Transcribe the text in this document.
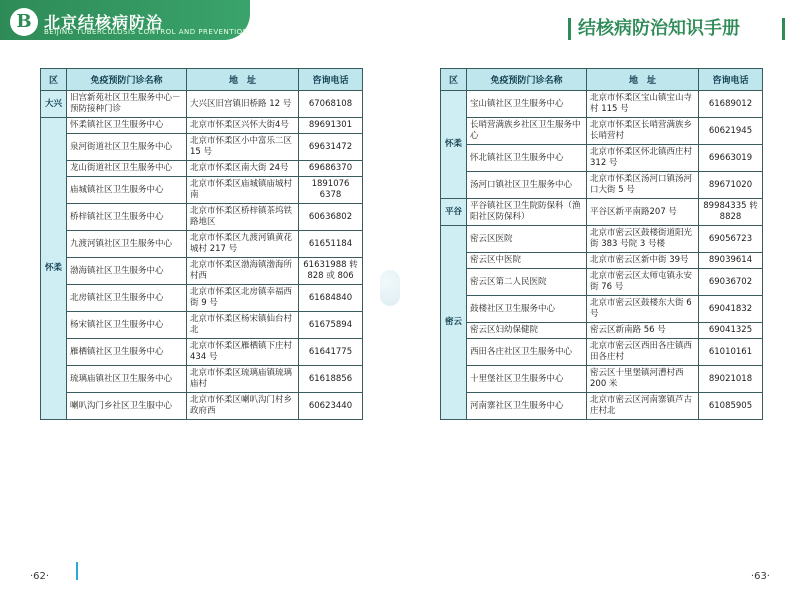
B 北京结核病防治
BEIJING TUBERCULOSIS CONTROL AND PREVENTION
区	免疫预防门诊名称	地　址	咨询电话
大兴	旧宫新苑社区卫生服务中心－预防接种门诊	大兴区旧宫镇旧桥路 12 号	67068108
怀柔	怀柔镇社区卫生服务中心	北京市怀柔区兴怀大街4号	89691301
	泉河街道社区卫生服务中心	北京市怀柔区小中富乐二区 15 号	69631472
	龙山街道社区卫生服务中心	北京市怀柔区南大街 24号	69686370
	庙城镇社区卫生服务中心	北京市怀柔区庙城镇庙城村南	1891076 6378
	桥梓镇社区卫生服务中心	北京市怀柔区桥梓镇茶坞铁路地区	60636802
	九渡河镇社区卫生服务中心	北京市怀柔区九渡河镇黄花城村 217 号	61651184
	渤海镇社区卫生服务中心	北京市怀柔区渤海镇渤海所村西	61631988 转 828 或 806
	北房镇社区卫生服务中心	北京市怀柔区北房镇幸福西街 9 号	61684840
	杨宋镇社区卫生服务中心	北京市怀柔区杨宋镇仙台村北	61675894
	雁栖镇社区卫生服务中心	北京市怀柔区雁栖镇下庄村 434 号	61641775
	琉璃庙镇社区卫生服务中心	北京市怀柔区琉璃庙镇琉璃庙村	61618856
	喇叭沟门乡社区卫生服中心	北京市怀柔区喇叭沟门村乡政府西	60623440
·62·
结核病防治知识手册
区	免疫预防门诊名称	地　址	咨询电话
怀柔	宝山镇社区卫生服务中心	北京市怀柔区宝山镇宝山寺村 115 号	61689012
	长哨营满族乡社区卫生服务中心	北京市怀柔区长哨营满族乡长哨营村	60621945
	怀北镇社区卫生服务中心	北京市怀柔区怀北镇西庄村 312 号	69663019
	汤河口镇社区卫生服务中心	北京市怀柔区汤河口镇汤河口大街 5 号	89671020
平谷	平谷镇社区卫生院防保科（渔阳社区防保科）	平谷区新平南路207 号	89984335 转 8828
密云	密云区医院	北京市密云区鼓楼街道阳光街 383 号院 3 号楼	69056723
	密云区中医院	北京市密云区新中街 39号	89039614
	密云区第二人民医院	北京市密云区太师屯镇永安街 76 号	69036702
	鼓楼社区卫生服务中心	北京市密云区鼓楼东大街 6 号	69041832
	密云区妇幼保健院	密云区新南路 56 号	69041325
	西田各庄社区卫生服务中心	北京市密云区西田各庄镇西田各庄村	61010161
	十里堡社区卫生服务中心	密云区十里堡镇河漕村西 200 米	89021018
	河南寨社区卫生服务中心	北京市密云区河南寨镇芦古庄村北	61085905
·63·
